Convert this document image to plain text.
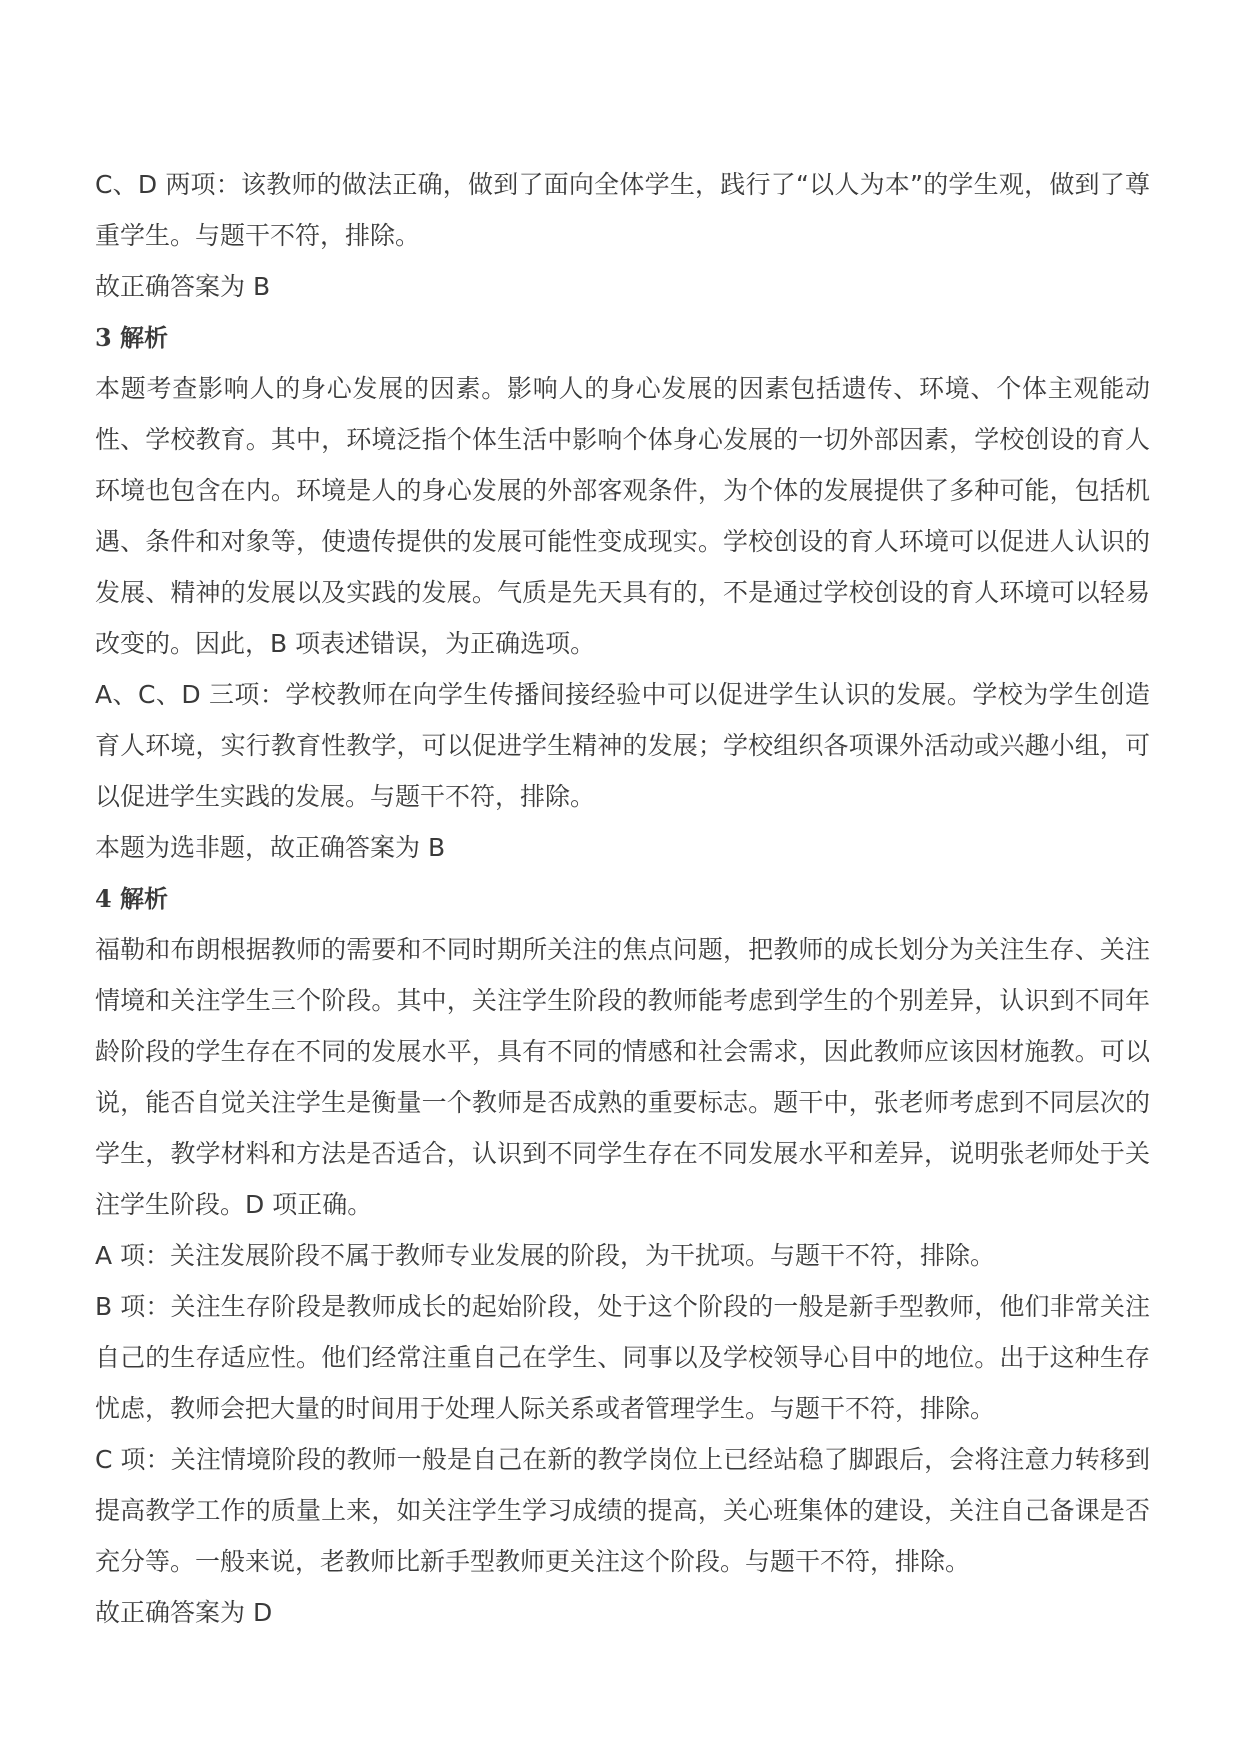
C、D 两项：该教师的做法正确，做到了面向全体学生，践行了“以人为本”的学生观，做到了尊重学生。与题干不符，排除。

故正确答案为 B

3 解析

本题考查影响人的身心发展的因素。影响人的身心发展的因素包括遗传、环境、个体主观能动性、学校教育。其中，环境泛指个体生活中影响个体身心发展的一切外部因素，学校创设的育人环境也包含在内。环境是人的身心发展的外部客观条件，为个体的发展提供了多种可能，包括机遇、条件和对象等，使遗传提供的发展可能性变成现实。学校创设的育人环境可以促进人认识的发展、精神的发展以及实践的发展。气质是先天具有的，不是通过学校创设的育人环境可以轻易改变的。因此，B 项表述错误，为正确选项。

A、C、D 三项：学校教师在向学生传播间接经验中可以促进学生认识的发展。学校为学生创造育人环境，实行教育性教学，可以促进学生精神的发展；学校组织各项课外活动或兴趣小组，可以促进学生实践的发展。与题干不符，排除。

本题为选非题，故正确答案为 B

4 解析

福勒和布朗根据教师的需要和不同时期所关注的焦点问题，把教师的成长划分为关注生存、关注情境和关注学生三个阶段。其中，关注学生阶段的教师能考虑到学生的个别差异，认识到不同年龄阶段的学生存在不同的发展水平，具有不同的情感和社会需求，因此教师应该因材施教。可以说，能否自觉关注学生是衡量一个教师是否成熟的重要标志。题干中，张老师考虑到不同层次的学生，教学材料和方法是否适合，认识到不同学生存在不同发展水平和差异，说明张老师处于关注学生阶段。D 项正确。

A 项：关注发展阶段不属于教师专业发展的阶段，为干扰项。与题干不符，排除。

B 项：关注生存阶段是教师成长的起始阶段，处于这个阶段的一般是新手型教师，他们非常关注自己的生存适应性。他们经常注重自己在学生、同事以及学校领导心目中的地位。出于这种生存忧虑，教师会把大量的时间用于处理人际关系或者管理学生。与题干不符，排除。

C 项：关注情境阶段的教师一般是自己在新的教学岗位上已经站稳了脚跟后，会将注意力转移到提高教学工作的质量上来，如关注学生学习成绩的提高，关心班集体的建设，关注自己备课是否充分等。一般来说，老教师比新手型教师更关注这个阶段。与题干不符，排除。

故正确答案为 D
